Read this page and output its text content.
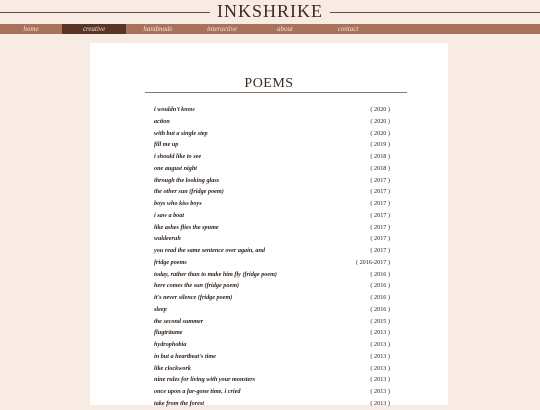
INKSHRIKE
home	creative	handmade	interactive	about	contact
POEMS
i wouldn't know	( 2020 )
action	( 2020 )
with but a single step	( 2020 )
fill me up	( 2019 )
i should like to see	( 2018 )
one august night	( 2018 )
through the looking glass	( 2017 )
the other sun (fridge poem)	( 2017 )
boys who kiss boys	( 2017 )
i saw a boat	( 2017 )
like ashes flies the spume	( 2017 )
waldeeruh	( 2017 )
you read the same sentence over again, and	( 2017 )
fridge poems	( 2016-2017 )
today, rather than to make him fly (fridge poem)	( 2016 )
here comes the sun (fridge poem)	( 2016 )
it's never silence (fridge poem)	( 2016 )
sleep	( 2016 )
the second summer	( 2015 )
flugträume	( 2013 )
hydrophobia	( 2013 )
in but a heartbeat's time	( 2013 )
like clockwork	( 2013 )
nine rules for living with your monsters	( 2013 )
once upon a far-gone time, i cried	( 2013 )
take from the forest	( 2013 )
